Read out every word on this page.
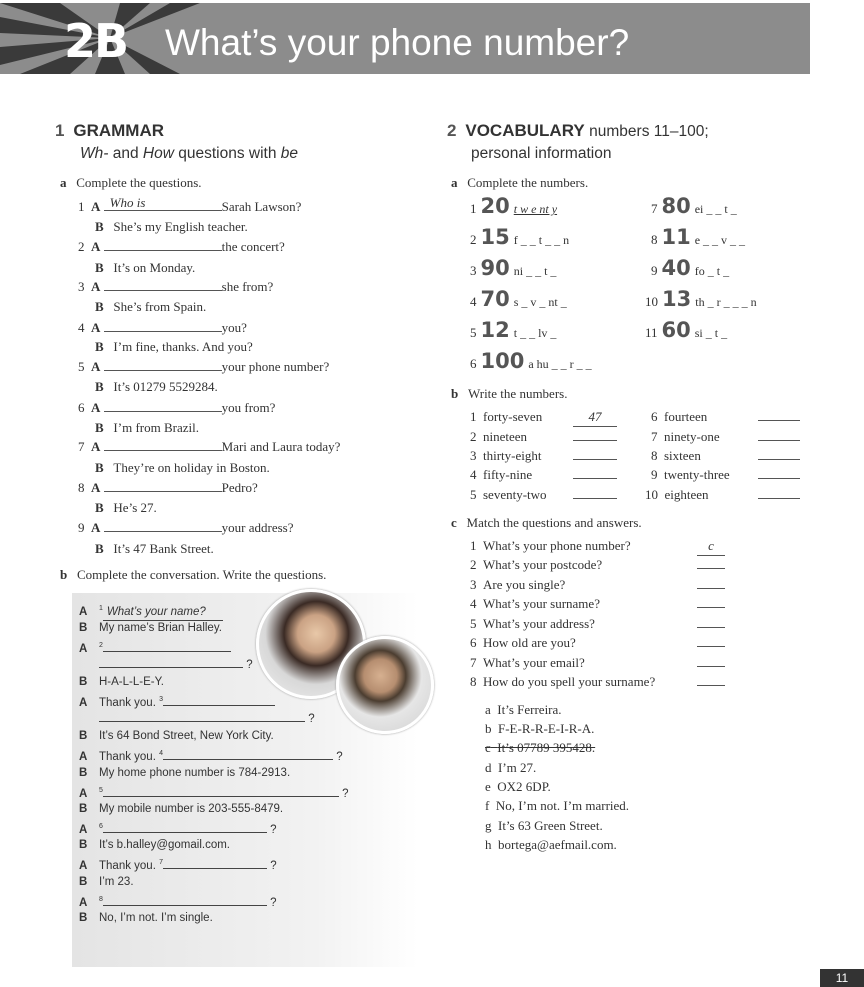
2B What’s your phone number?
1 GRAMMAR
Wh- and How questions with be
a Complete the questions.
1 A Who is	Sarah Lawson?
B She’s my English teacher.
2 A	the concert?
B It’s on Monday.
3 A	she from?
B She’s from Spain.
4 A	you?
B I’m fine, thanks. And you?
5 A	your phone number?
B It’s 01279 5529284.
6 A	you from?
B I’m from Brazil.
7 A	Mari and Laura today?
B They’re on holiday in Boston.
8 A	Pedro?
B He’s 27.
9 A	your address?
B It’s 47 Bank Street.
b Complete the conversation. Write the questions.
A $^1$ What’s your name?
B My name’s Brian Halley.
A $^2$
?
B H-A-L-L-E-Y.
A Thank you. $^3$
?
B It’s 64 Bond Street, New York City.
A Thank you. $^4$	?
B My home phone number is 784-2913.
A $^5$	?
B My mobile number is 203-555-8479.
A $^6$	?
B It’s b.halley@gomail.com.
A Thank you. $^7$	?
B I’m 23.
A $^8$	?
B No, I’m not. I’m single.
2 VOCABULARY numbers 11–100;
personal information
a Complete the numbers.
1 20 t w e nt y
2 15 f _ _ t _ _ n
3 90 ni _ _ t _
4 70 s _ v _ nt _
5 12 t _ _ lv _
6 100 a hu _ _ r _ _
7 80 ei _ _ t _
8 11 e _ _ v _ _
9 40 fo _ t _
10 13 th _ r _ _ _ n
11 60 si _ t _
b Write the numbers.
1 forty-seven	47
2 nineteen
3 thirty-eight
4 fifty-nine
5 seventy-two
6 fourteen
7 ninety-one
8 sixteen
9 twenty-three
10 eighteen
c Match the questions and answers.
1 What’s your phone number?	c
2 What’s your postcode?
3 Are you single?
4 What’s your surname?
5 What’s your address?
6 How old are you?
7 What’s your email?
8 How do you spell your surname?
a It’s Ferreira.
b F-E-R-R-E-I-R-A.
c It’s 07789 395428.
d I’m 27.
e OX2 6DP.
f No, I’m not. I’m married.
g It’s 63 Green Street.
h bortega@aefmail.com.
11
